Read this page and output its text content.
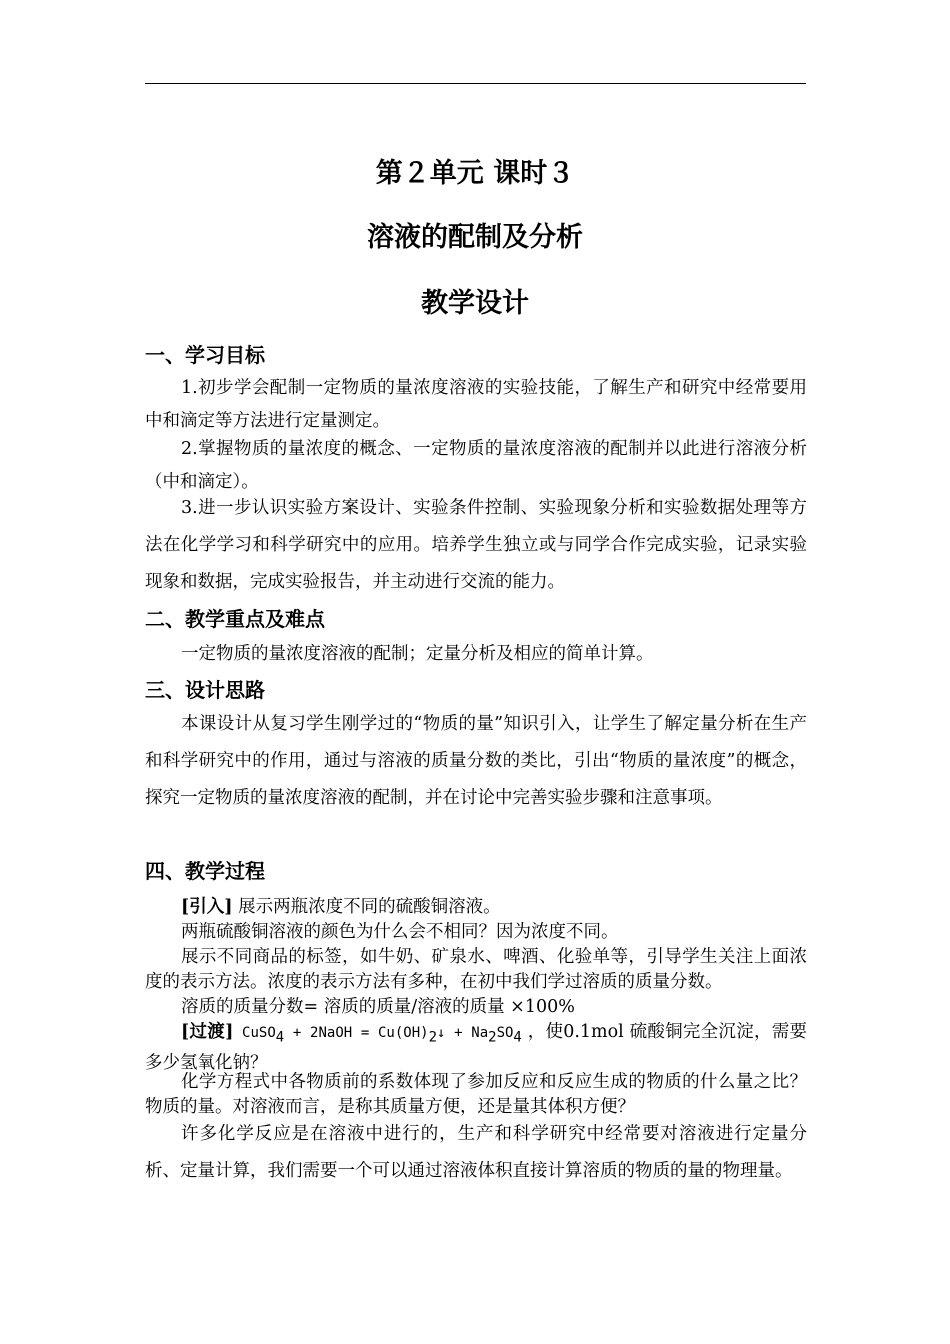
第２单元 课时３
溶液的配制及分析
教学设计
一、学习目标

1.初步学会配制一定物质的量浓度溶液的实验技能，了解生产和研究中经常要用中和滴定等方法进行定量测定。

2.掌握物质的量浓度的概念、一定物质的量浓度溶液的配制并以此进行溶液分析（中和滴定）。

3.进一步认识实验方案设计、实验条件控制、实验现象分析和实验数据处理等方法在化学学习和科学研究中的应用。培养学生独立或与同学合作完成实验，记录实验现象和数据，完成实验报告，并主动进行交流的能力。

二、教学重点及难点

一定物质的量浓度溶液的配制；定量分析及相应的简单计算。

三、设计思路

本课设计从复习学生刚学过的“物质的量”知识引入，让学生了解定量分析在生产和科学研究中的作用，通过与溶液的质量分数的类比，引出“物质的量浓度”的概念，探究一定物质的量浓度溶液的配制，并在讨论中完善实验步骤和注意事项。

四、教学过程

[引入] 展示两瓶浓度不同的硫酸铜溶液。

两瓶硫酸铜溶液的颜色为什么会不相同？因为浓度不同。

展示不同商品的标签，如牛奶、矿泉水、啤酒、化验单等，引导学生关注上面浓度的表示方法。浓度的表示方法有多种，在初中我们学过溶质的质量分数。

溶质的质量分数= 溶质的质量/溶液的质量 ×100%

[过渡] CuSO$_4$ + 2NaOH = $Cu(OH)_2↓ + Na_2SO_4$ ，使0.1mol 硫酸铜完全沉淀，需要多少氢氧化钠？

化学方程式中各物质前的系数体现了参加反应和反应生成的物质的什么量之比？物质的量。对溶液而言，是称其质量方便，还是量其体积方便？

许多化学反应是在溶液中进行的，生产和科学研究中经常要对溶液进行定量分析、定量计算，我们需要一个可以通过溶液体积直接计算溶质的物质的量的物理量。
